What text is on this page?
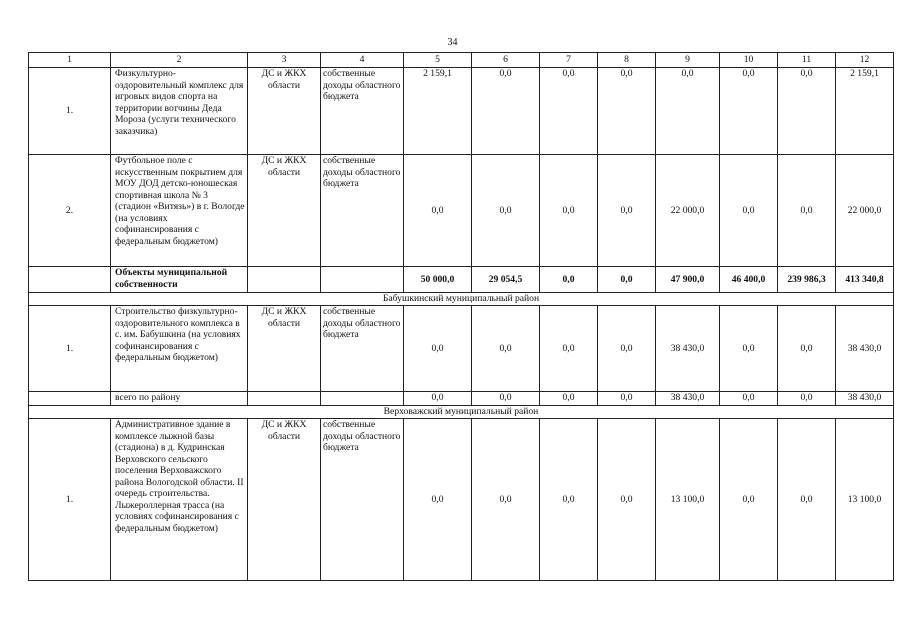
34
1	2	3	4	5	6	7	8	9	10	11	12
1.	Физкультурно-оздоровительный комплекс для игровых видов спорта на территории вотчины Деда Мороза (услуги технического заказчика)	ДС и ЖКХ области	собственные доходы областного бюджета	2 159,1	0,0	0,0	0,0	0,0	0,0	0,0	2 159,1
2.	Футбольное поле с искусственным покрытием для МОУ ДОД детско-юношеская спортивная школа № 3 (стадион «Витязь») в г. Вологде (на условиях софинансирования с федеральным бюджетом)	ДС и ЖКХ области	собственные доходы областного бюджета	0,0	0,0	0,0	0,0	22 000,0	0,0	0,0	22 000,0
	Объекты муниципальной собственности			50 000,0	29 054,5	0,0	0,0	47 900,0	46 400,0	239 986,3	413 340,8
Бабушкинский муниципальный район											
1.	Строительство физкультурно-оздоровительного комплекса в с. им. Бабушкина (на условиях софинансирования с федеральным бюджетом)	ДС и ЖКХ области	собственные доходы областного бюджета	0,0	0,0	0,0	0,0	38 430,0	0,0	0,0	38 430,0
	всего по району			0,0	0,0	0,0	0,0	38 430,0	0,0	0,0	38 430,0
Верховажский муниципальный район											
1.	Административное здание в комплексе лыжной базы (стадиона) в д. Кудринская Верховского сельского поселения Верховажского района Вологодской области. II очередь строительства. Лыжероллерная трасса (на условиях софинансирования с федеральным бюджетом)	ДС и ЖКХ области	собственные доходы областного бюджета	0,0	0,0	0,0	0,0	13 100,0	0,0	0,0	13 100,0
